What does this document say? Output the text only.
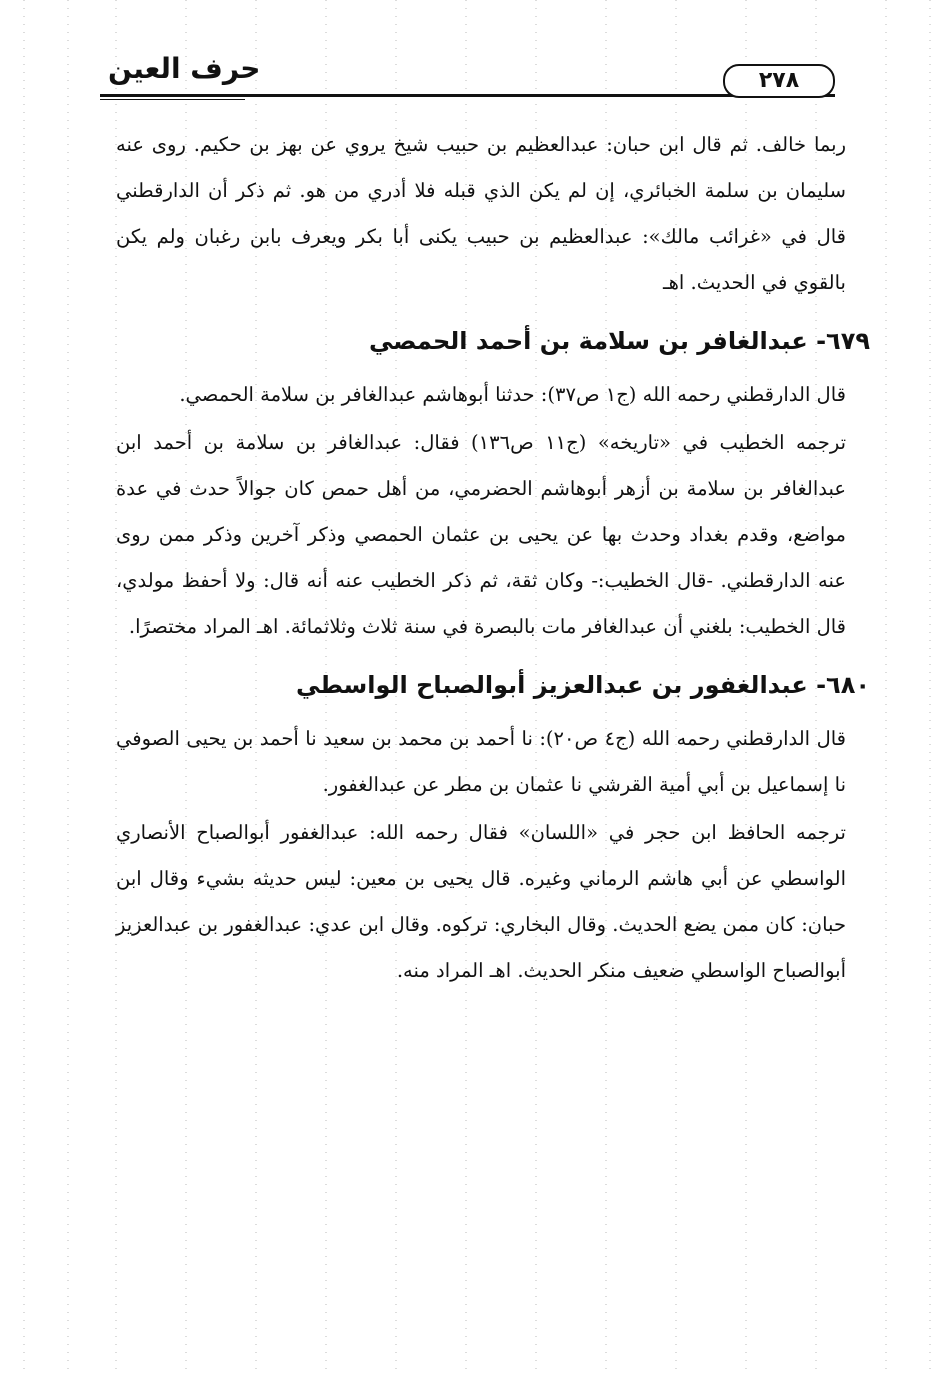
حرف العين	٢٧٨

ربما خالف. ثم قال ابن حبان: عبدالعظيم بن حبيب شيخ يروي عن بهز بن حكيم. روى عنه سليمان بن سلمة الخبائري، إن لم يكن الذي قبله فلا أدري من هو. ثم ذكر أن الدارقطني قال في «غرائب مالك»: عبدالعظيم بن حبيب يكنى أبا بكر ويعرف بابن رغبان ولم يكن بالقوي في الحديث. اهـ

٦٧٩- عبدالغافر بن سلامة بن أحمد الحمصي

قال الدارقطني رحمه الله (ج١ ص٣٧): حدثنا أبوهاشم عبدالغافر بن سلامة الحمصي.

ترجمه الخطيب في «تاريخه» (ج١١ ص١٣٦) فقال: عبدالغافر بن سلامة بن أحمد ابن عبدالغافر بن سلامة بن أزهر أبوهاشم الحضرمي، من أهل حمص كان جوالاً حدث في عدة مواضع، وقدم بغداد وحدث بها عن يحيى بن عثمان الحمصي وذكر آخرين وذكر ممن روى عنه الدارقطني. -قال الخطيب:- وكان ثقة، ثم ذكر الخطيب عنه أنه قال: ولا أحفظ مولدي، قال الخطيب: بلغني أن عبدالغافر مات بالبصرة في سنة ثلاث وثلاثمائة. اهـ المراد مختصرًا.

٦٨٠- عبدالغفور بن عبدالعزيز أبوالصباح الواسطي

قال الدارقطني رحمه الله (ج٤ ص٢٠): نا أحمد بن محمد بن سعيد نا أحمد بن يحيى الصوفي نا إسماعيل بن أبي أمية القرشي نا عثمان بن مطر عن عبدالغفور.

ترجمه الحافظ ابن حجر في «اللسان» فقال رحمه الله: عبدالغفور أبوالصباح الأنصاري الواسطي عن أبي هاشم الرماني وغيره. قال يحيى بن معين: ليس حديثه بشيء وقال ابن حبان: كان ممن يضع الحديث. وقال البخاري: تركوه. وقال ابن عدي: عبدالغفور بن عبدالعزيز أبوالصباح الواسطي ضعيف منكر الحديث. اهـ المراد منه.
